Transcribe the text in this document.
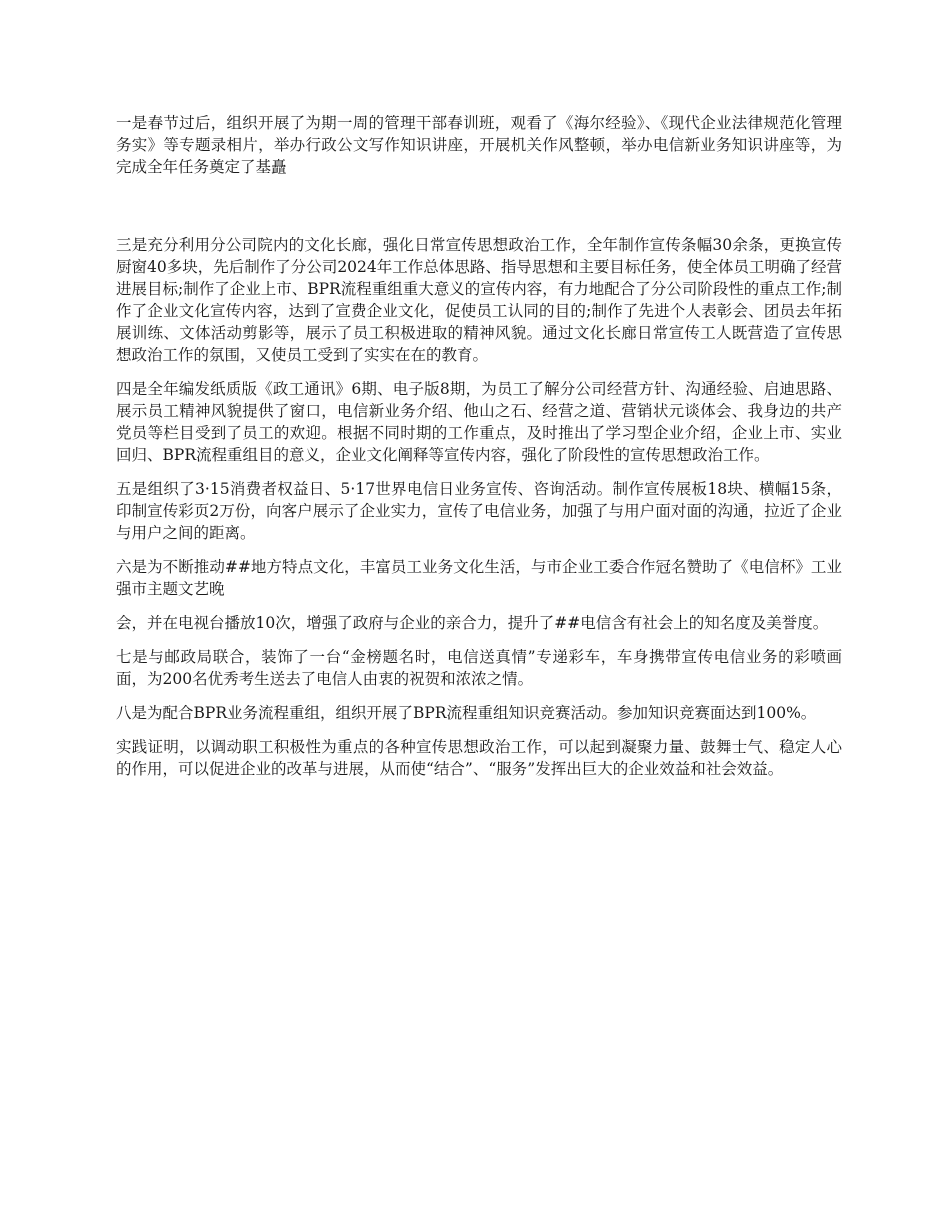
一是春节过后，组织开展了为期一周的管理干部春训班，观看了《海尔经验》、《现代企业法律规范化管理务实》等专题录相片，举办行政公文写作知识讲座，开展机关作风整顿，举办电信新业务知识讲座等，为完成全年任务奠定了基矗

三是充分利用分公司院内的文化长廊，强化日常宣传思想政治工作，全年制作宣传条幅30余条，更换宣传厨窗40多块，先后制作了分公司2024年工作总体思路、指导思想和主要目标任务，使全体员工明确了经营进展目标;制作了企业上市、BPR流程重组重大意义的宣传内容，有力地配合了分公司阶段性的重点工作;制作了企业文化宣传内容，达到了宣费企业文化，促使员工认同的目的;制作了先进个人表彰会、团员去年拓展训练、文体活动剪影等，展示了员工积极进取的精神风貌。通过文化长廊日常宣传工人既营造了宣传思想政治工作的氛围，又使员工受到了实实在在的教育。

四是全年编发纸质版《政工通讯》6期、电子版8期，为员工了解分公司经营方针、沟通经验、启迪思路、展示员工精神风貌提供了窗口，电信新业务介绍、他山之石、经营之道、营销状元谈体会、我身边的共产党员等栏目受到了员工的欢迎。根据不同时期的工作重点，及时推出了学习型企业介绍，企业上市、实业回归、BPR流程重组目的意义，企业文化阐释等宣传内容，强化了阶段性的宣传思想政治工作。

五是组织了3·15消费者权益日、5·17世界电信日业务宣传、咨询活动。制作宣传展板18块、横幅15条，印制宣传彩页2万份，向客户展示了企业实力，宣传了电信业务，加强了与用户面对面的沟通，拉近了企业与用户之间的距离。

六是为不断推动##地方特点文化，丰富员工业务文化生活，与市企业工委合作冠名赞助了《电信杯》工业强市主题文艺晚

会，并在电视台播放10次，增强了政府与企业的亲合力，提升了##电信含有社会上的知名度及美誉度。

七是与邮政局联合，装饰了一台“金榜题名时，电信送真情”专递彩车，车身携带宣传电信业务的彩喷画面，为200名优秀考生送去了电信人由衷的祝贺和浓浓之情。

八是为配合BPR业务流程重组，组织开展了BPR流程重组知识竞赛活动。参加知识竞赛面达到100%。

实践证明，以调动职工积极性为重点的各种宣传思想政治工作，可以起到凝聚力量、鼓舞士气、稳定人心的作用，可以促进企业的改革与进展，从而使“结合”、“服务”发挥出巨大的企业效益和社会效益。
